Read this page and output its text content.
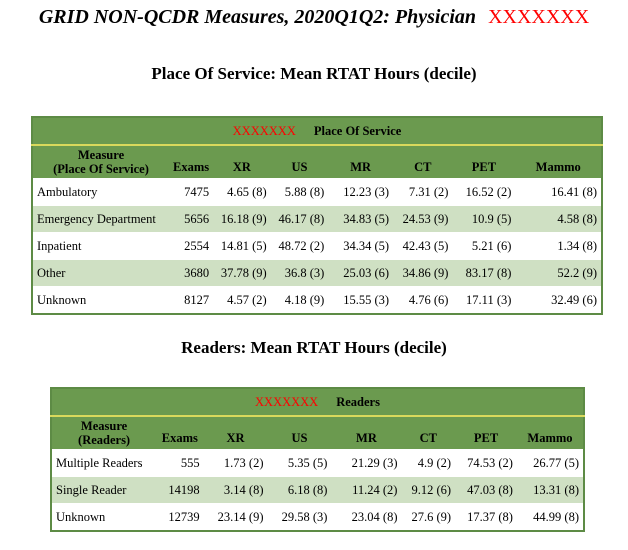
GRID NON-QCDR Measures, 2020Q1Q2: Physician XXXXXXX
Place Of Service: Mean RTAT Hours (decile)
XXXXXXX Place Of Service							
Measure
(Place Of Service)	Exams	XR	US	MR	CT	PET	Mammo
Ambulatory	7475	4.65 (8)	5.88 (8)	12.23 (3)	7.31 (2)	16.52 (2)	16.41 (8)
Emergency Department	5656	16.18 (9)	46.17 (8)	34.83 (5)	24.53 (9)	10.9 (5)	4.58 (8)
Inpatient	2554	14.81 (5)	48.72 (2)	34.34 (5)	42.43 (5)	5.21 (6)	1.34 (8)
Other	3680	37.78 (9)	36.8 (3)	25.03 (6)	34.86 (9)	83.17 (8)	52.2 (9)
Unknown	8127	4.57 (2)	4.18 (9)	15.55 (3)	4.76 (6)	17.11 (3)	32.49 (6)
Readers: Mean RTAT Hours (decile)
XXXXXXX Readers							
Measure
(Readers)	Exams	XR	US	MR	CT	PET	Mammo
Multiple Readers	555	1.73 (2)	5.35 (5)	21.29 (3)	4.9 (2)	74.53 (2)	26.77 (5)
Single Reader	14198	3.14 (8)	6.18 (8)	11.24 (2)	9.12 (6)	47.03 (8)	13.31 (8)
Unknown	12739	23.14 (9)	29.58 (3)	23.04 (8)	27.6 (9)	17.37 (8)	44.99 (8)
